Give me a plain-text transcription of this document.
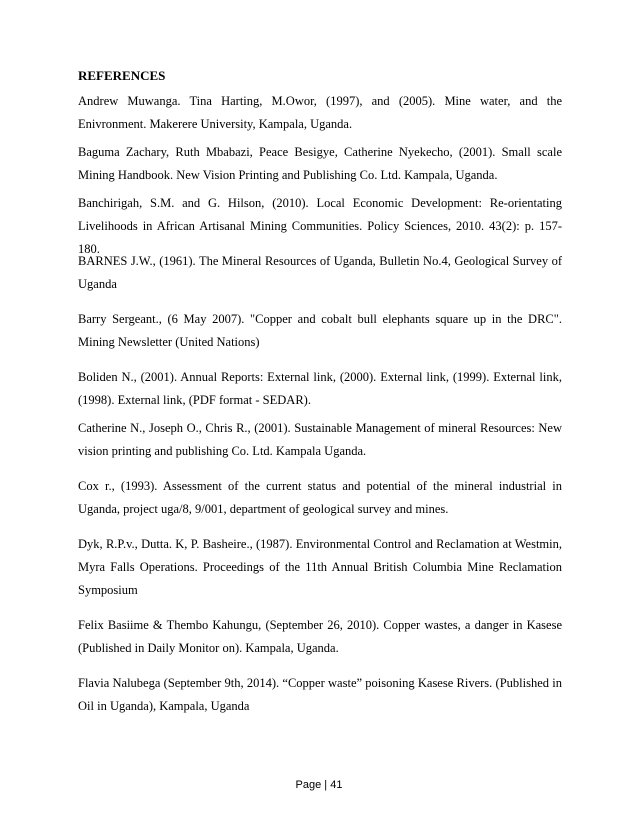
REFERENCES

Andrew Muwanga. Tina Harting, M.Owor, (1997), and (2005). Mine water, and the Enivronment. Makerere University, Kampala, Uganda.

Baguma Zachary, Ruth Mbabazi, Peace Besigye, Catherine Nyekecho, (2001). Small scale Mining Handbook. New Vision Printing and Publishing Co. Ltd. Kampala, Uganda.

Banchirigah, S.M. and G. Hilson, (2010). Local Economic Development: Re-orientating Livelihoods in African Artisanal Mining Communities. Policy Sciences, 2010. 43(2): p. 157-180.

BARNES J.W., (1961). The Mineral Resources of Uganda, Bulletin No.4, Geological Survey of Uganda

Barry Sergeant., (6 May 2007). "Copper and cobalt bull elephants square up in the DRC". Mining Newsletter (United Nations)

Boliden N., (2001). Annual Reports: External link, (2000). External link, (1999). External link, (1998). External link, (PDF format - SEDAR).

Catherine N., Joseph O., Chris R., (2001). Sustainable Management of mineral Resources: New vision printing and publishing Co. Ltd. Kampala Uganda.

Cox r., (1993). Assessment of the current status and potential of the mineral industrial in Uganda, project uga/8, 9/001, department of geological survey and mines.

Dyk, R.P.v., Dutta. K, P. Basheire., (1987). Environmental Control and Reclamation at Westmin, Myra Falls Operations. Proceedings of the 11th Annual British Columbia Mine Reclamation Symposium

Felix Basiime & Thembo Kahungu, (September 26, 2010). Copper wastes, a danger in Kasese (Published in Daily Monitor on). Kampala, Uganda.

Flavia Nalubega (September 9th, 2014). “Copper waste” poisoning Kasese Rivers. (Published in Oil in Uganda), Kampala, Uganda

Page | 41
